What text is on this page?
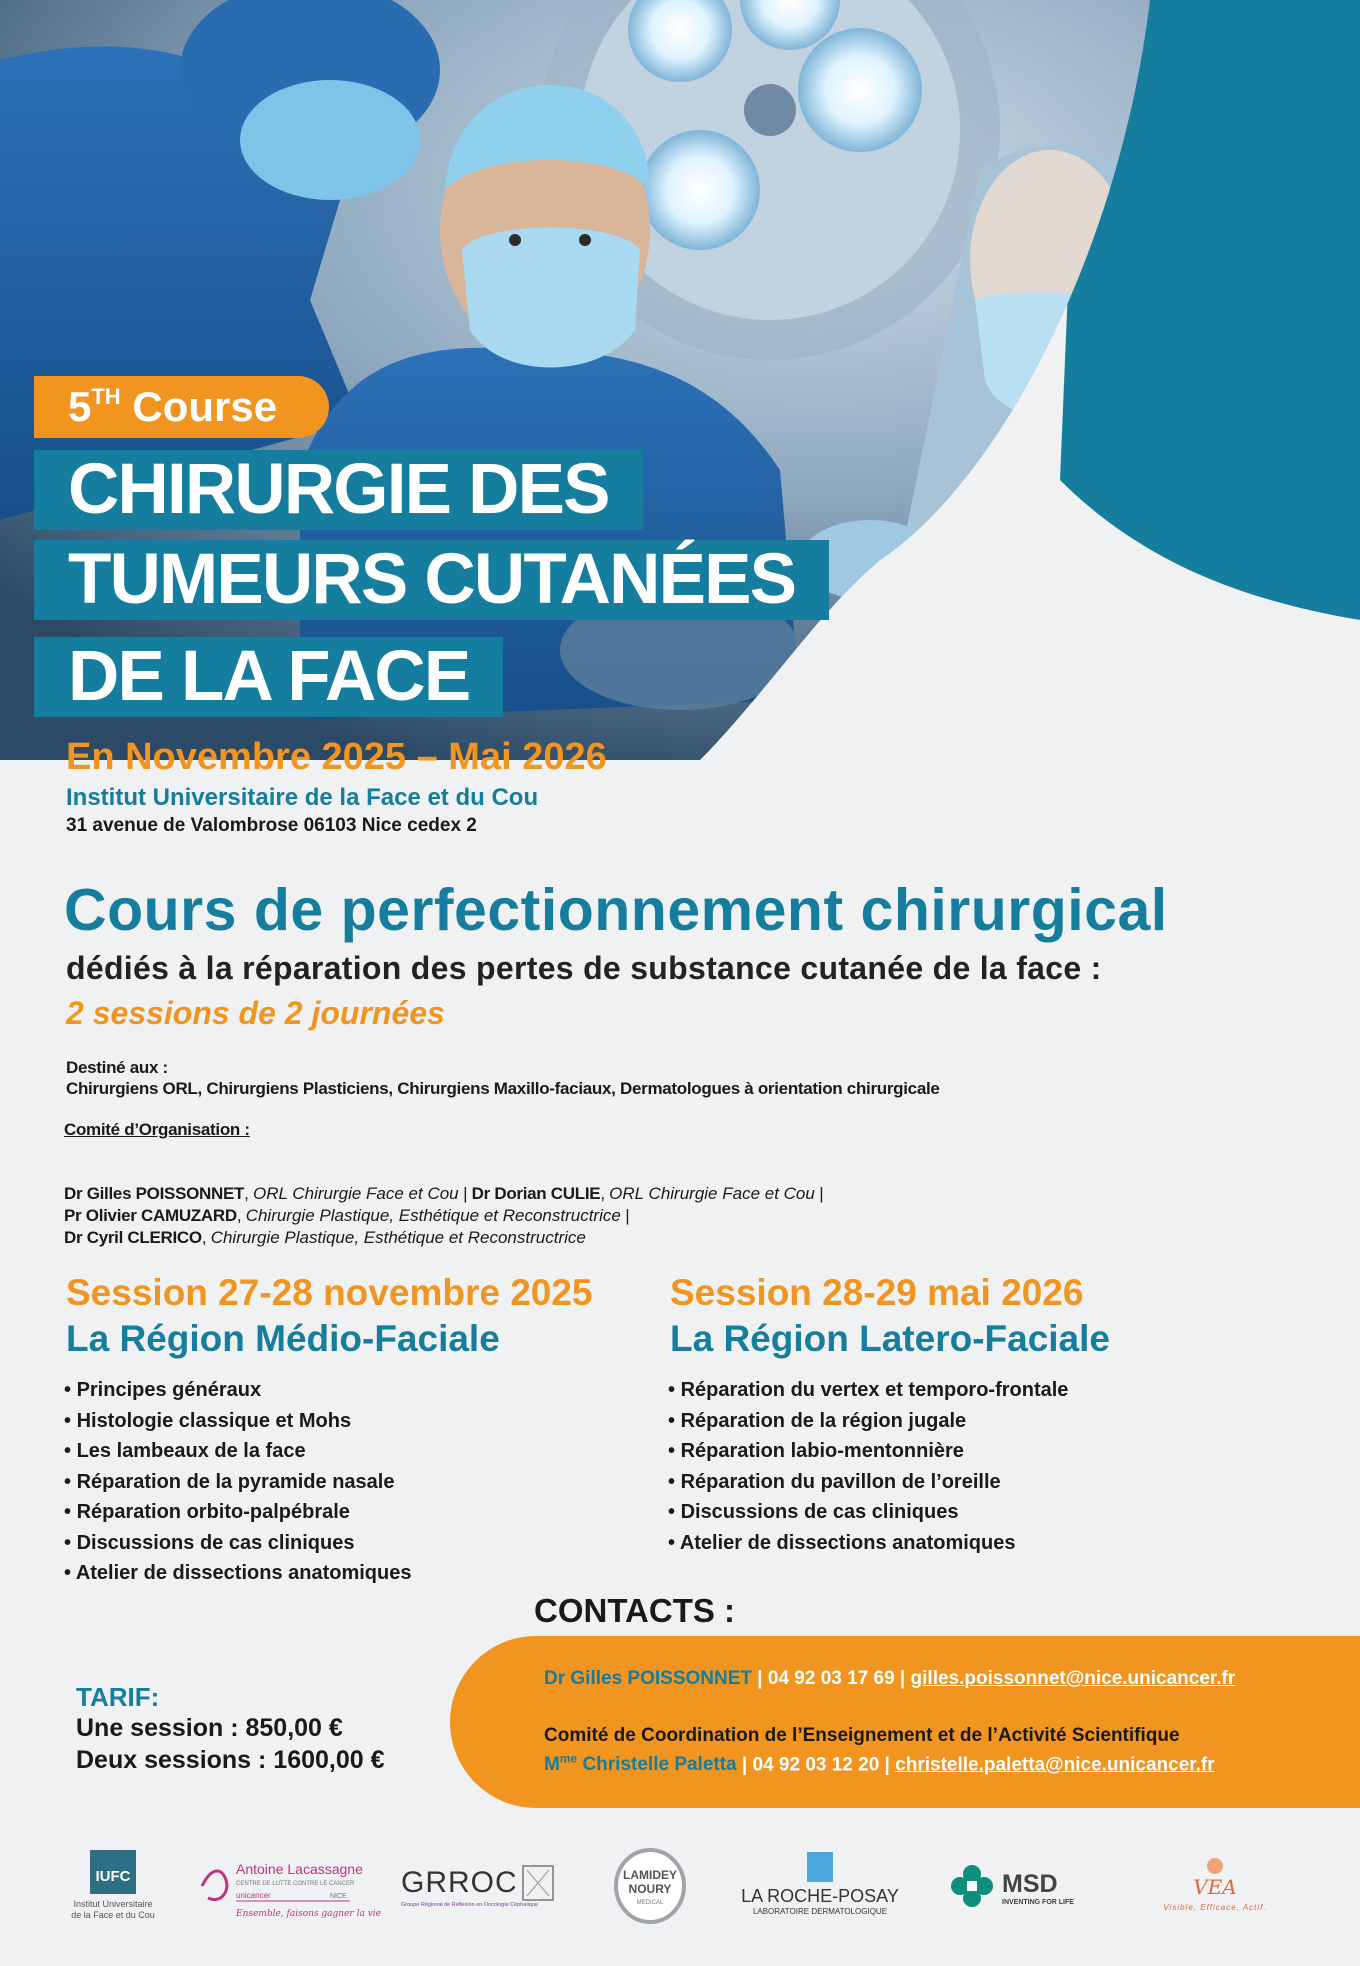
5TH Course
CHIRURGIE DES
TUMEURS CUTANÉES
DE LA FACE
En Novembre 2025 – Mai 2026
Institut Universitaire de la Face et du Cou
31 avenue de Valombrose 06103 Nice cedex 2
Cours de perfectionnement chirurgical
dédiés à la réparation des pertes de substance cutanée de la face :
2 sessions de 2 journées
Destiné aux :
Chirurgiens ORL, Chirurgiens Plasticiens, Chirurgiens Maxillo-faciaux, Dermatologues à orientation chirurgicale
Comité d’Organisation :
Dr Gilles POISSONNET, ORL Chirurgie Face et Cou | Dr Dorian CULIE, ORL Chirurgie Face et Cou |
Pr Olivier CAMUZARD, Chirurgie Plastique, Esthétique et Reconstructrice |
Dr Cyril CLERICO, Chirurgie Plastique, Esthétique et Reconstructrice
Session 27-28 novembre 2025
La Région Médio-Faciale
• Principes généraux
• Histologie classique et Mohs
• Les lambeaux de la face
• Réparation de la pyramide nasale
• Réparation orbito-palpébrale
• Discussions de cas cliniques
• Atelier de dissections anatomiques
Session 28-29 mai 2026
La Région Latero-Faciale
• Réparation du vertex et temporo-frontale
• Réparation de la région jugale
• Réparation labio-mentonnière
• Réparation du pavillon de l’oreille
• Discussions de cas cliniques
• Atelier de dissections anatomiques
CONTACTS :
Dr Gilles POISSONNET | 04 92 03 17 69 | gilles.poissonnet@nice.unicancer.fr
Comité de Coordination de l’Enseignement et de l’Activité Scientifique
$M^{me}$ Christelle Paletta | 04 92 03 12 20 | christelle.paletta@nice.unicancer.fr
TARIF:
Une session : 850,00 €
Deux sessions : 1600,00 €
IUFC
Institut Universitaire
de la Face et du Cou
Antoine Lacassagne
CENTRE DE LUTTE CONTRE LE CANCER
unicancer	NICE
Ensemble, faisons gagner la vie
GRROC
Groupe Régional de Réflexion en Oncologie Céphalique
LAMIDEY
NOURY
MEDICAL	LA ROCHE-POSAY
LABORATOIRE DERMATOLOGIQUE
MSD
INVENTING FOR LIFE
VEA
Visible, Efficace, Actif.
